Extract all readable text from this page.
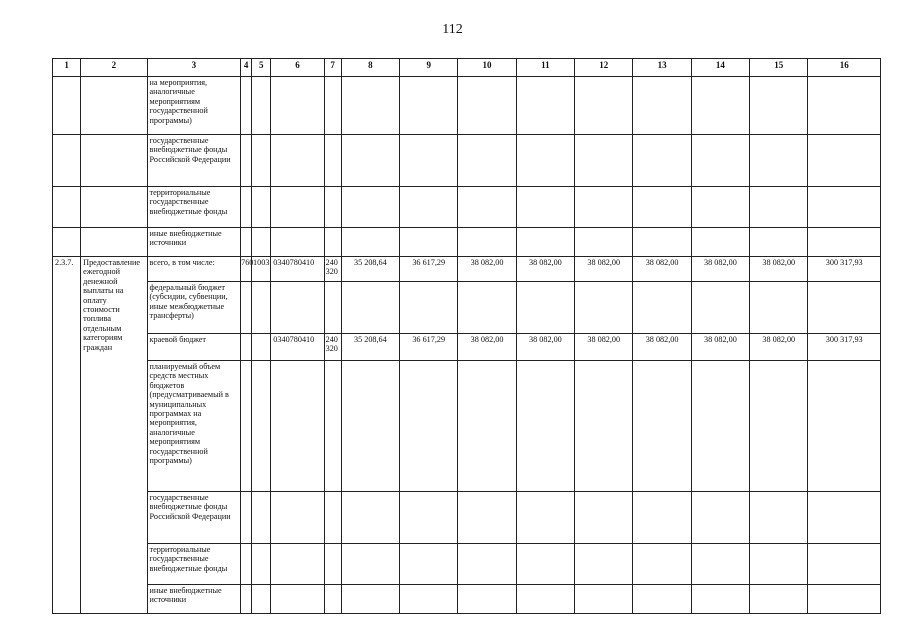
112
1	2	3	4	5	6	7	8	9	10	11	12	13	14	15	16
		на мероприятия, аналогичные мероприятиям государственной программы)													
		государственные внебюджетные фонды Российской Федерации													
		территориальные государственные внебюджетные фонды													
		иные внебюджетные источники													
2.3.7.	Предоставление ежегодной денежной выплаты на оплату стоимости топлива отдельным категориям граждан	всего, в том числе:	760	1003	0340780410	240 320	35 208,64	36 617,29	38 082,00	38 082,00	38 082,00	38 082,00	38 082,00	38 082,00	300 317,93
		федеральный бюджет (субсидии, субвенции, иные межбюджетные трансферты)													
		краевой бюджет			0340780410	240 320	35 208,64	36 617,29	38 082,00	38 082,00	38 082,00	38 082,00	38 082,00	38 082,00	300 317,93
		планируемый объем средств местных бюджетов (предусматриваемый в муниципальных программах на мероприятия, аналогичные мероприятиям государственной программы)													
		государственные внебюджетные фонды Российской Федерации													
		территориальные государственные внебюджетные фонды													
		иные внебюджетные источники													
